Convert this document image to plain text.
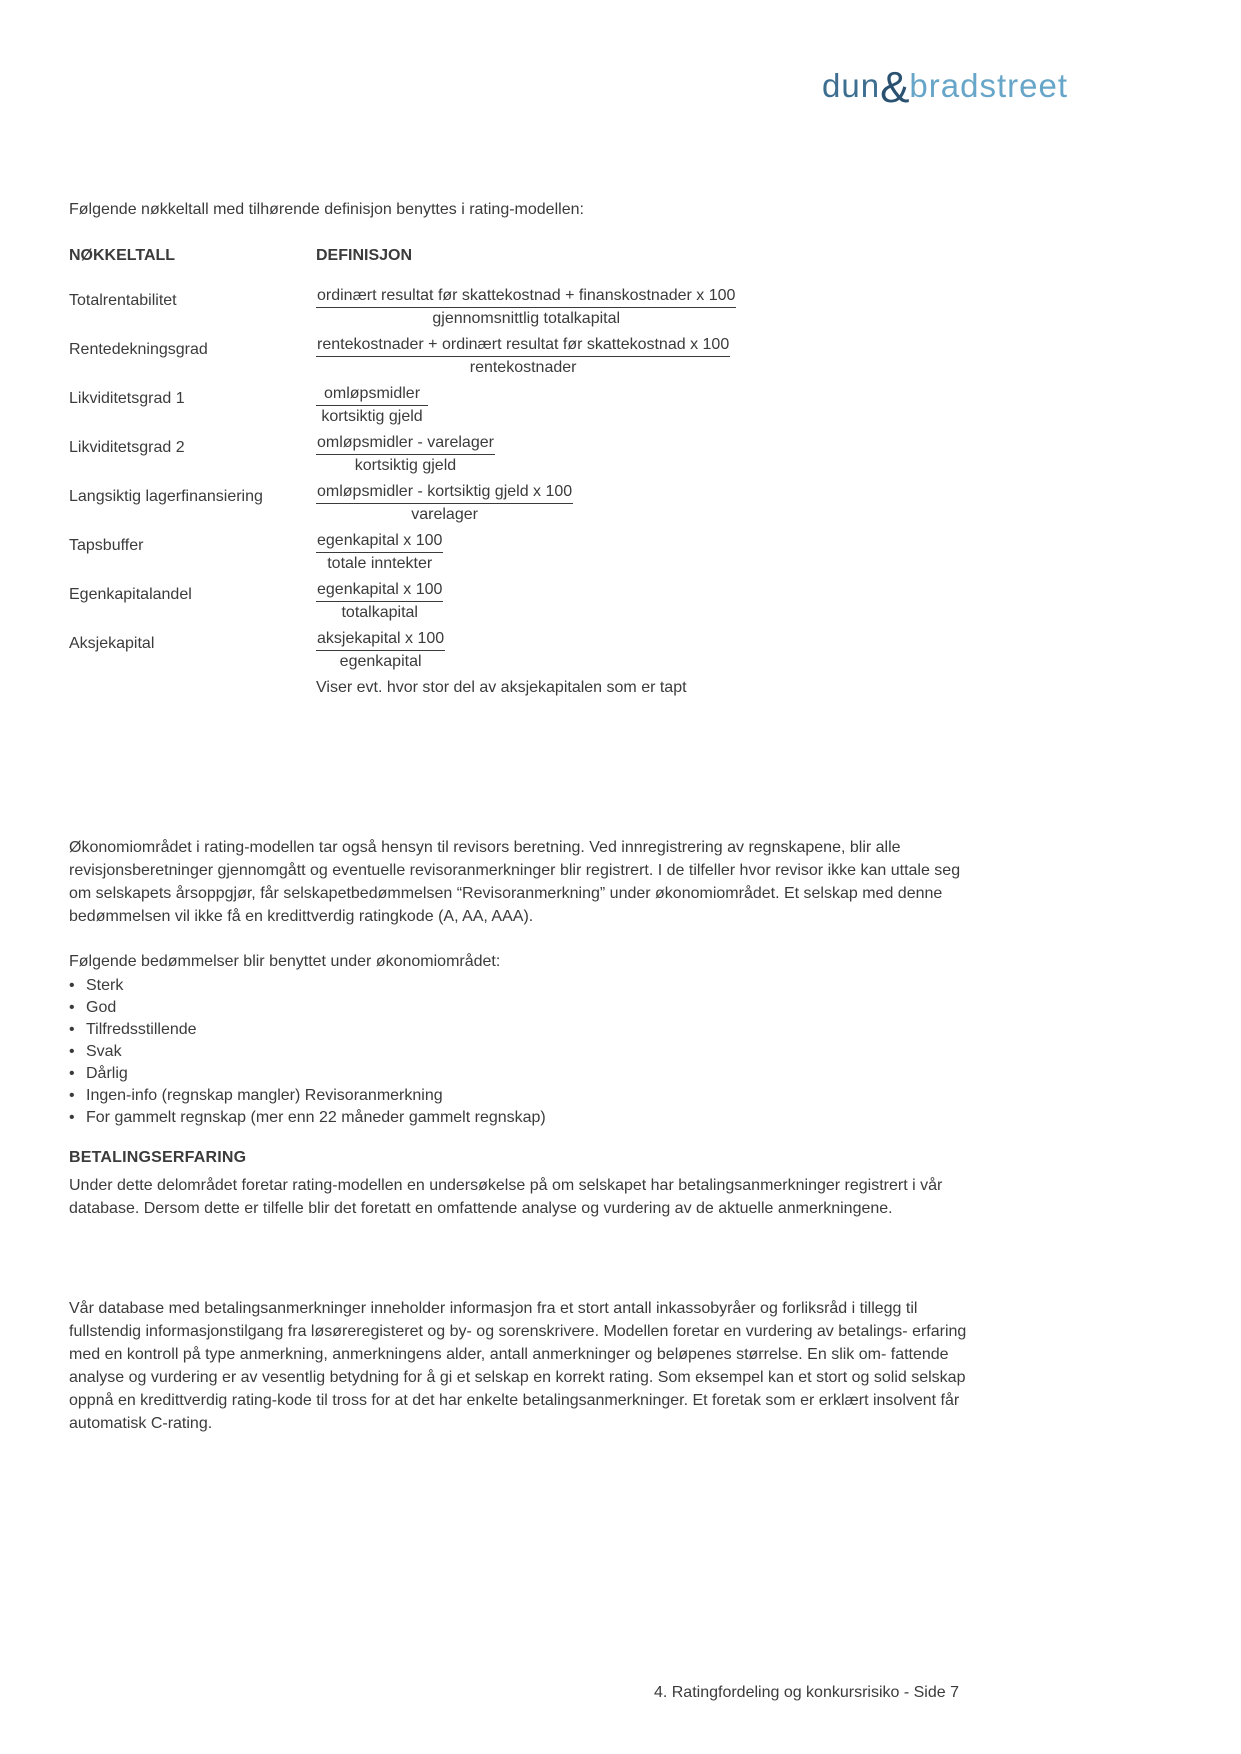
dun&bradstreet

Følgende nøkkeltall med tilhørende definisjon benyttes i rating-modellen:

NØKKELTALL	DEFINISJON
Totalrentabilitet	$\frac{\text{ordinært resultat før skattekostnad + finanskostnader x 100}}{\text{gjennomsnittlig totalkapital}}$
Rentedekningsgrad	$\frac{\text{rentekostnader + ordinært resultat før skattekostnad x 100}}{\text{rentekostnader}}$
Likviditetsgrad 1	$\frac{\text{omløpsmidler}}{\text{kortsiktig gjeld}}$
Likviditetsgrad 2	$\frac{\text{omløpsmidler - varelager}}{\text{kortsiktig gjeld}}$
Langsiktig lagerfinansiering	$\frac{\text{omløpsmidler - kortsiktig gjeld x 100}}{\text{varelager}}$
Tapsbuffer	$\frac{\text{egenkapital x 100}}{\text{totale inntekter}}$
Egenkapitalandel	$\frac{\text{egenkapital x 100}}{\text{totalkapital}}$
Aksjekapital	$\frac{\text{aksjekapital x 100}}{\text{egenkapital}}$
Viser evt. hvor stor del av aksjekapitalen som er tapt

Økonomiområdet i rating-modellen tar også hensyn til revisors beretning. Ved innregistrering av regnskapene, blir alle revisjonsberetninger gjennomgått og eventuelle revisoranmerkninger blir registrert. I de tilfeller hvor revisor ikke kan uttale seg om selskapets årsoppgjør, får selskapetbedømmelsen “Revisoranmerkning” under økonomiområdet. Et selskap med denne bedømmelsen vil ikke få en kredittverdig ratingkode (A, AA, AAA).

Følgende bedømmelser blir benyttet under økonomiområdet:

• Sterk
• God
• Tilfredsstillende
• Svak
• Dårlig
• Ingen-info (regnskap mangler) Revisoranmerkning
• For gammelt regnskap (mer enn 22 måneder gammelt regnskap)
BETALINGSERFARING

Under dette delområdet foretar rating-modellen en undersøkelse på om selskapet har betalingsanmerkninger registrert i vår database. Dersom dette er tilfelle blir det foretatt en omfattende analyse og vurdering av de aktuelle anmerkningene.

Vår database med betalingsanmerkninger inneholder informasjon fra et stort antall inkassobyråer og forliksråd i tillegg til fullstendig informasjonstilgang fra løsøreregisteret og by- og sorenskrivere. Modellen foretar en vurdering av betalings- erfaring med en kontroll på type anmerkning, anmerkningens alder, antall anmerkninger og beløpenes størrelse. En slik om- fattende analyse og vurdering er av vesentlig betydning for å gi et selskap en korrekt rating. Som eksempel kan et stort og solid selskap oppnå en kredittverdig rating-kode til tross for at det har enkelte betalingsanmerkninger. Et foretak som er erklært insolvent får automatisk C-rating.

4. Ratingfordeling og konkursrisiko - Side 7
